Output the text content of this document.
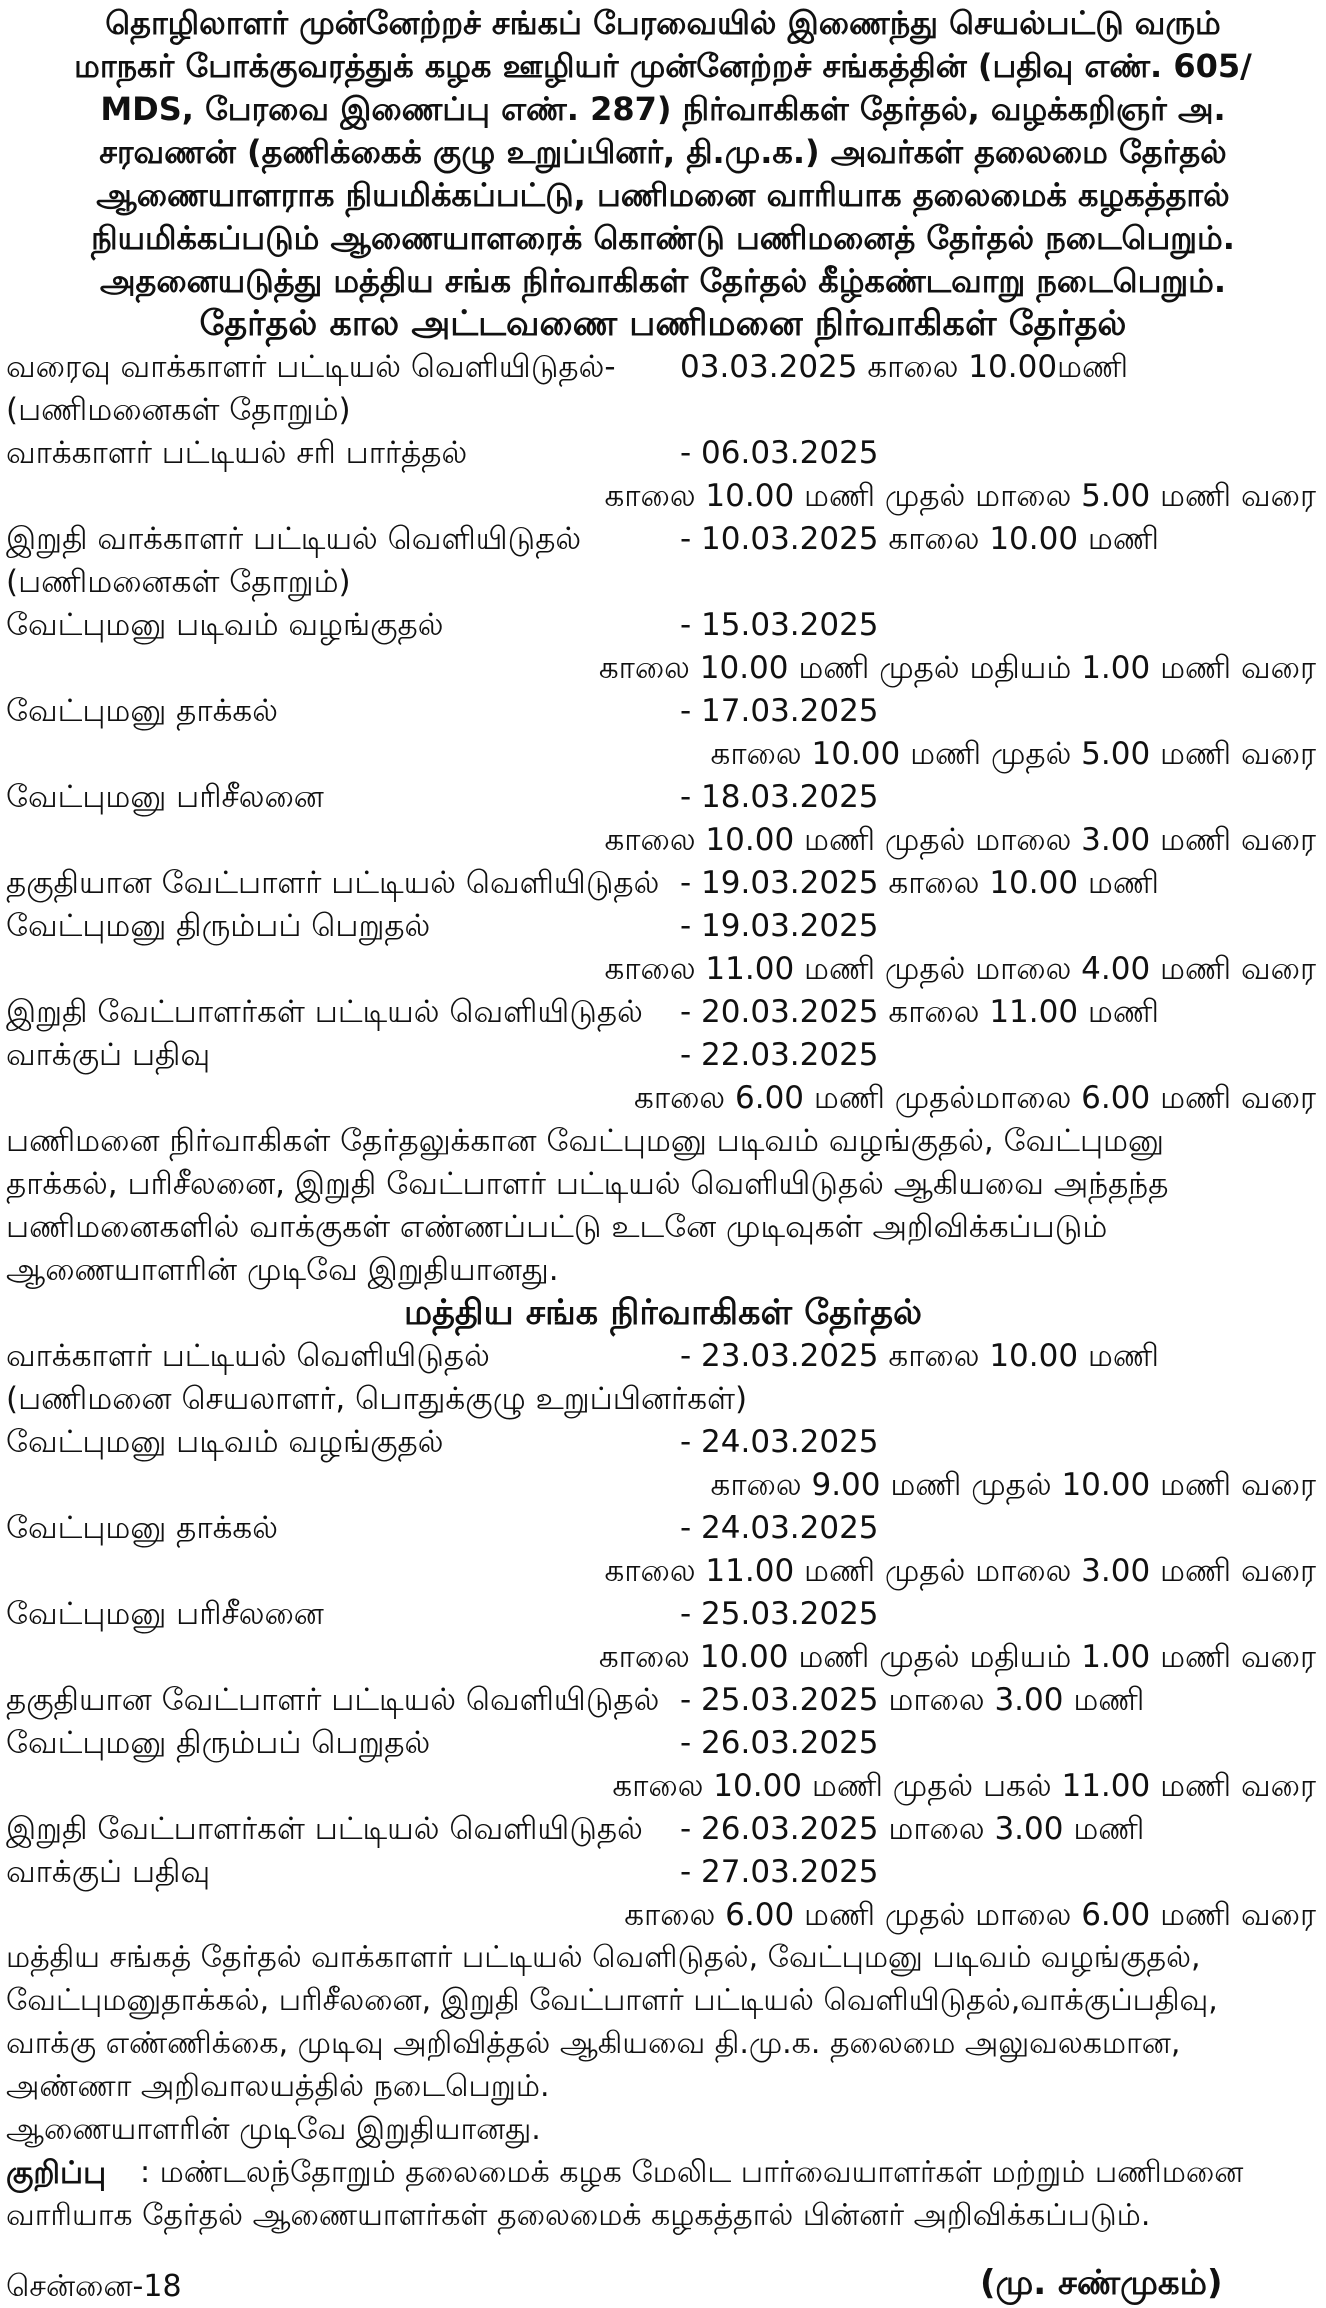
தொழிலாளர் முன்னேற்றச் சங்கப் பேரவையில் இணைந்து செயல்பட்டு வரும்
மாநகர் போக்குவரத்துக் கழக ஊழியர் முன்னேற்றச் சங்கத்தின் (பதிவு எண். 605/
MDS, பேரவை இணைப்பு எண். 287) நிர்வாகிகள் தேர்தல், வழக்கறிஞர் அ.
சரவணன் (தணிக்கைக் குழு உறுப்பினர், தி.மு.க.) அவர்கள் தலைமை தேர்தல்
ஆணையாளராக நியமிக்கப்பட்டு, பணிமனை வாரியாக தலைமைக் கழகத்தால்
நியமிக்கப்படும் ஆணையாளரைக் கொண்டு பணிமனைத் தேர்தல் நடைபெறும்.
அதனையடுத்து மத்திய சங்க நிர்வாகிகள் தேர்தல் கீழ்கண்டவாறு நடைபெறும்.
தேர்தல் கால அட்டவணை பணிமனை நிர்வாகிகள் தேர்தல்
வரைவு வாக்காளர் பட்டியல் வெளியிடுதல்- 03.03.2025 காலை 10.00மணி
(பணிமனைகள் தோறும்)
வாக்காளர் பட்டியல் சரி பார்த்தல்	- 06.03.2025
காலை 10.00 மணி முதல் மாலை 5.00 மணி வரை
இறுதி வாக்காளர் பட்டியல் வெளியிடுதல்	- 10.03.2025 காலை 10.00 மணி
(பணிமனைகள் தோறும்)
வேட்புமனு படிவம் வழங்குதல்	- 15.03.2025
காலை 10.00 மணி முதல் மதியம் 1.00 மணி வரை
வேட்புமனு தாக்கல்	- 17.03.2025
காலை 10.00 மணி முதல் 5.00 மணி வரை
வேட்புமனு பரிசீலனை	- 18.03.2025
காலை 10.00 மணி முதல் மாலை 3.00 மணி வரை
தகுதியான வேட்பாளர் பட்டியல் வெளியிடுதல் - 19.03.2025 காலை 10.00 மணி
வேட்புமனு திரும்பப் பெறுதல்	- 19.03.2025
காலை 11.00 மணி முதல் மாலை 4.00 மணி வரை
இறுதி வேட்பாளர்கள் பட்டியல் வெளியிடுதல் - 20.03.2025 காலை 11.00 மணி
வாக்குப் பதிவு	- 22.03.2025
காலை 6.00 மணி முதல்மாலை 6.00 மணி வரை
பணிமனை நிர்வாகிகள் தேர்தலுக்கான வேட்புமனு படிவம் வழங்குதல், வேட்புமனு
தாக்கல், பரிசீலனை, இறுதி வேட்பாளர் பட்டியல் வெளியிடுதல் ஆகியவை அந்தந்த
பணிமனைகளில் வாக்குகள் எண்ணப்பட்டு உடனே முடிவுகள் அறிவிக்கப்படும்
ஆணையாளரின் முடிவே இறுதியானது.
மத்திய சங்க நிர்வாகிகள் தேர்தல்
வாக்காளர் பட்டியல் வெளியிடுதல்	- 23.03.2025 காலை 10.00 மணி
(பணிமனை செயலாளர், பொதுக்குழு உறுப்பினர்கள்)
வேட்புமனு படிவம் வழங்குதல்	- 24.03.2025
காலை 9.00 மணி முதல் 10.00 மணி வரை
வேட்புமனு தாக்கல்	- 24.03.2025
காலை 11.00 மணி முதல் மாலை 3.00 மணி வரை
வேட்புமனு பரிசீலனை	- 25.03.2025
காலை 10.00 மணி முதல் மதியம் 1.00 மணி வரை
தகுதியான வேட்பாளர் பட்டியல் வெளியிடுதல் - 25.03.2025 மாலை 3.00 மணி
வேட்புமனு திரும்பப் பெறுதல்	- 26.03.2025
காலை 10.00 மணி முதல் பகல் 11.00 மணி வரை
இறுதி வேட்பாளர்கள் பட்டியல் வெளியிடுதல் - 26.03.2025 மாலை 3.00 மணி
வாக்குப் பதிவு	- 27.03.2025
காலை 6.00 மணி முதல் மாலை 6.00 மணி வரை
மத்திய சங்கத் தேர்தல் வாக்காளர் பட்டியல் வெளிடுதல், வேட்புமனு படிவம் வழங்குதல்,
வேட்புமனுதாக்கல், பரிசீலனை, இறுதி வேட்பாளர் பட்டியல் வெளியிடுதல்,வாக்குப்பதிவு,
வாக்கு எண்ணிக்கை, முடிவு அறிவித்தல் ஆகியவை தி.மு.க. தலைமை அலுவலகமான,
அண்ணா அறிவாலயத்தில் நடைபெறும்.
ஆணையாளரின் முடிவே இறுதியானது.
குறிப்பு : மண்டலந்தோறும் தலைமைக் கழக மேலிட பார்வையாளர்கள் மற்றும் பணிமனை
வாரியாக தேர்தல் ஆணையாளர்கள் தலைமைக் கழகத்தால் பின்னர் அறிவிக்கப்படும்.
சென்னை-18	(மு. சண்முகம்)
